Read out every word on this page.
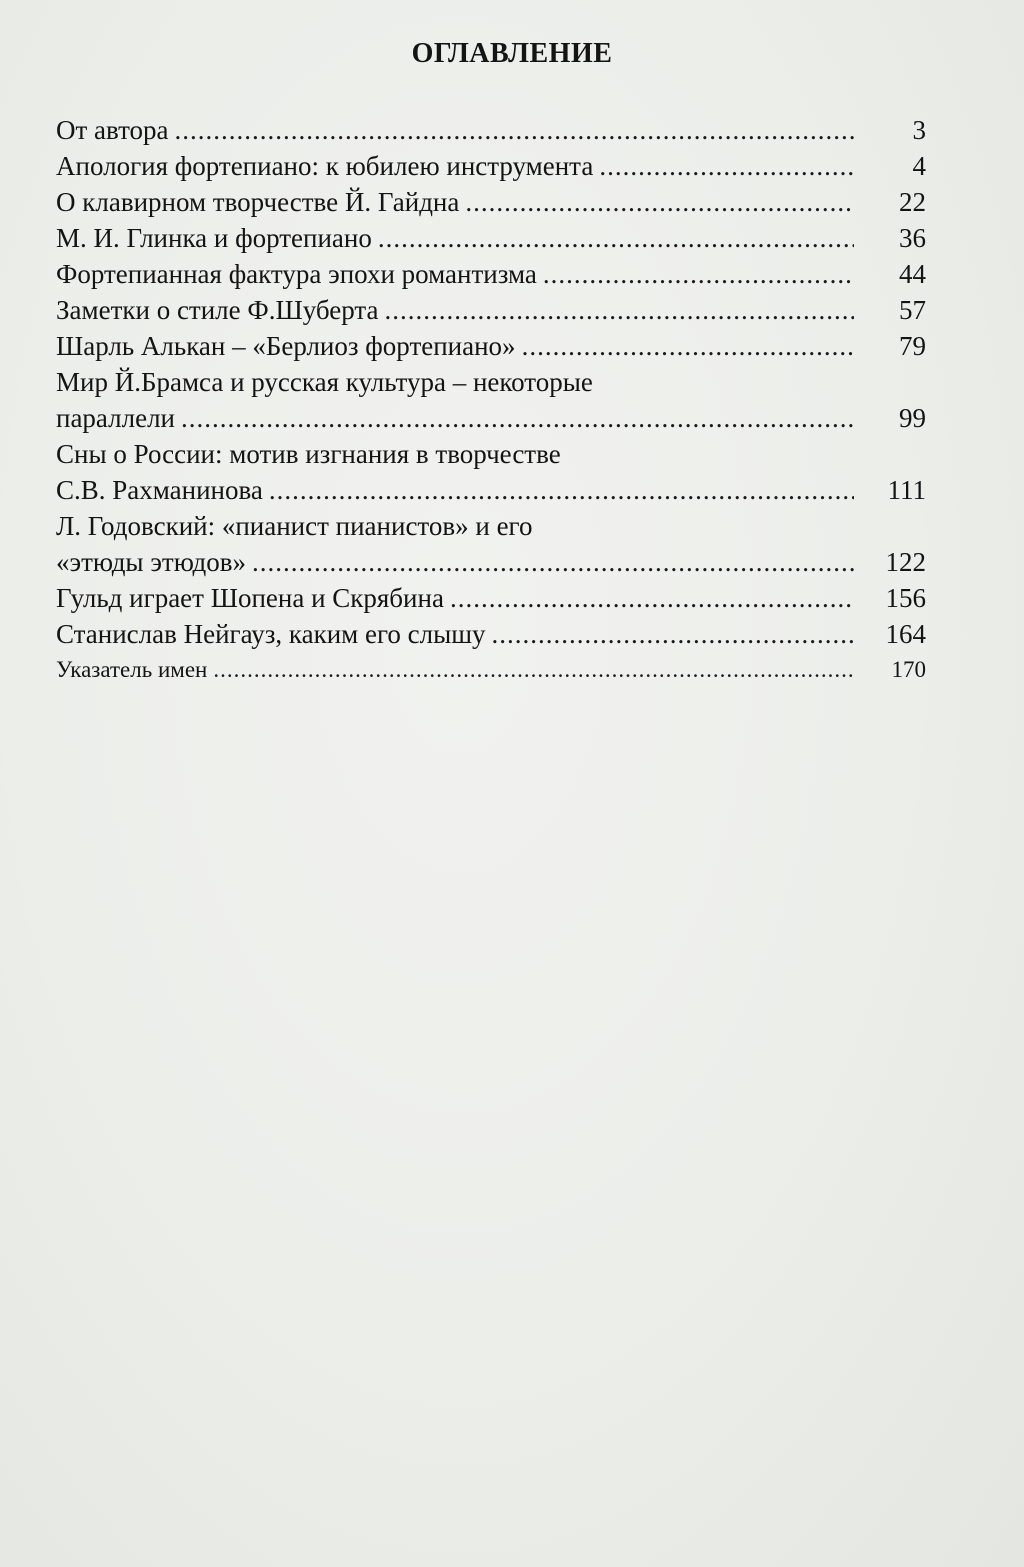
ОГЛАВЛЕНИЕ
От автора .....	3
Апология фортепиано: к юбилею инструмента .....	4
О клавирном творчестве Й. Гайдна .....	22
М. И. Глинка и фортепиано .....	36
Фортепианная фактура эпохи романтизма .....	44
Заметки о стиле Ф.Шуберта .....	57
Шарль Алькан – «Берлиоз фортепиано» .....	79
Мир Й.Брамса и русская культура – некоторые
параллели .....	99
Сны о России: мотив изгнания в творчестве
С.В. Рахманинова .....	111
Л. Годовский: «пианист пианистов» и его
«этюды этюдов» .....	122
Гульд играет Шопена и Скрябина .....	156
Станислав Нейгауз, каким его слышу .....	164
Указатель имен .....	170
